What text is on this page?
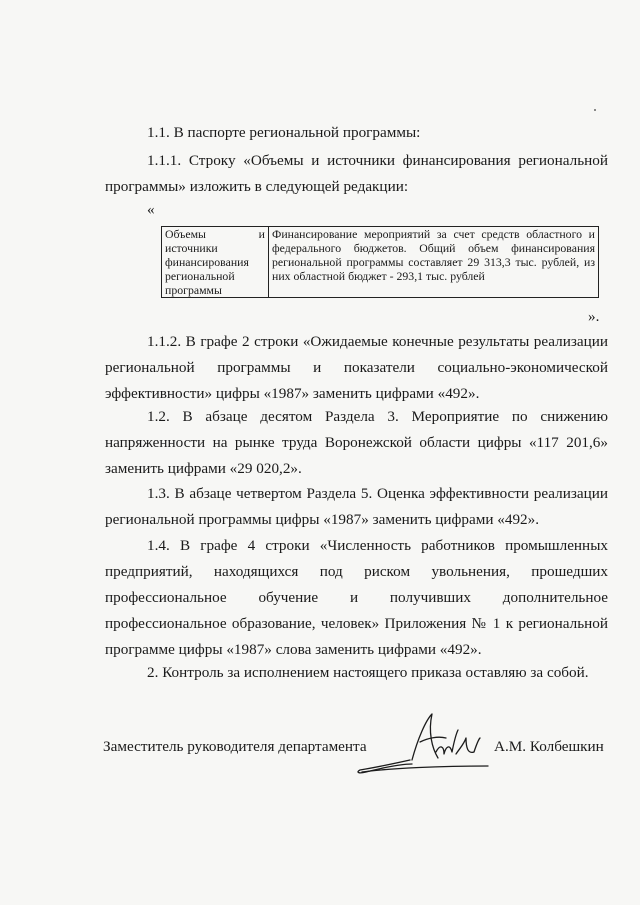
1.1. В паспорте региональной программы:

1.1.1. Строку «Объемы и источники финансирования региональной программы» изложить в следующей редакции:

«
Объемы и источники финансирования региональной программы	Финансирование мероприятий за счет средств областного и федерального бюджетов. Общий объем финансирования региональной программы составляет 29 313,3 тыс. рублей, из них областной бюджет - 293,1 тыс. рублей
».

1.1.2. В графе 2 строки «Ожидаемые конечные результаты реализации региональной программы и показатели социально-экономической эффективности» цифры «1987» заменить цифрами «492».

1.2. В абзаце десятом Раздела 3. Мероприятие по снижению напряженности на рынке труда Воронежской области цифры «117 201,6» заменить цифрами «29 020,2».

1.3. В абзаце четвертом Раздела 5. Оценка эффективности реализации региональной программы цифры «1987» заменить цифрами «492».

1.4. В графе 4 строки «Численность работников промышленных предприятий, находящихся под риском увольнения, прошедших профессиональное обучение и получивших дополнительное профессиональное образование, человек» Приложения № 1 к региональной программе цифры «1987» слова заменить цифрами «492».

2. Контроль за исполнением настоящего приказа оставляю за собой.
Заместитель руководителя департамента	А.М. Колбешкин
